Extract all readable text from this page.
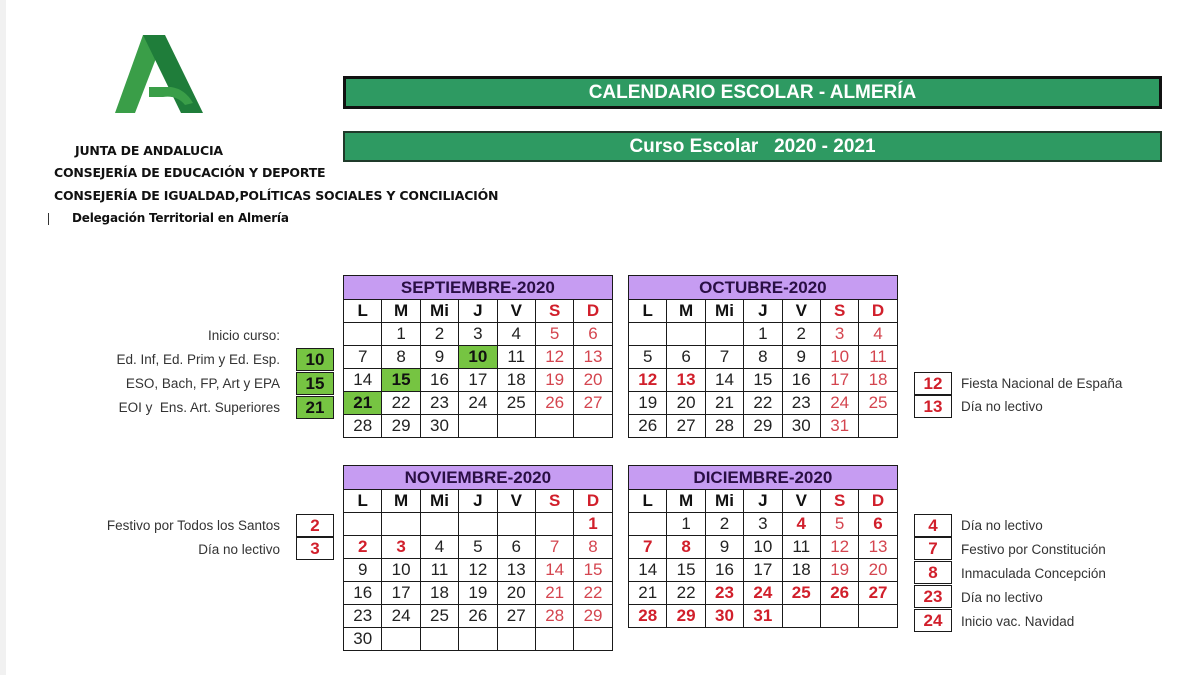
JUNTA DE ANDALUCIA
CONSEJERÍA DE EDUCACIÓN Y DEPORTE
CONSEJERÍA DE IGUALDAD,POLÍTICAS SOCIALES Y CONCILIACIÓN
Delegación Territorial en Almería
CALENDARIO ESCOLAR - ALMERÍA
Curso Escolar   2020 - 2021
SEPTIEMBRE-2020						
L	M	Mi	J	V	S	D
	1	2	3	4	5	6
7	8	9	10	11	12	13
14	15	16	17	18	19	20
21	22	23	24	25	26	27
28	29	30				
OCTUBRE-2020						
L	M	Mi	J	V	S	D
			1	2	3	4
5	6	7	8	9	10	11
12	13	14	15	16	17	18
19	20	21	22	23	24	25
26	27	28	29	30	31	
NOVIEMBRE-2020						
L	M	Mi	J	V	S	D
						1
2	3	4	5	6	7	8
9	10	11	12	13	14	15
16	17	18	19	20	21	22
23	24	25	26	27	28	29
30						
DICIEMBRE-2020						
L	M	Mi	J	V	S	D
	1	2	3	4	5	6
7	8	9	10	11	12	13
14	15	16	17	18	19	20
21	22	23	24	25	26	27
28	29	30	31			
Inicio curso:
Ed. Inf, Ed. Prim y Ed. Esp.	10
ESO, Bach, FP, Art y EPA	15
EOI y  Ens. Art. Superiores	21
12	Fiesta Nacional de España
13	Día no lectivo
Festivo por Todos los Santos	2
Día no lectivo	3
4	Día no lectivo
7	Festivo por Constitución
8	Inmaculada Concepción
23	Día no lectivo
24	Inicio vac. Navidad
